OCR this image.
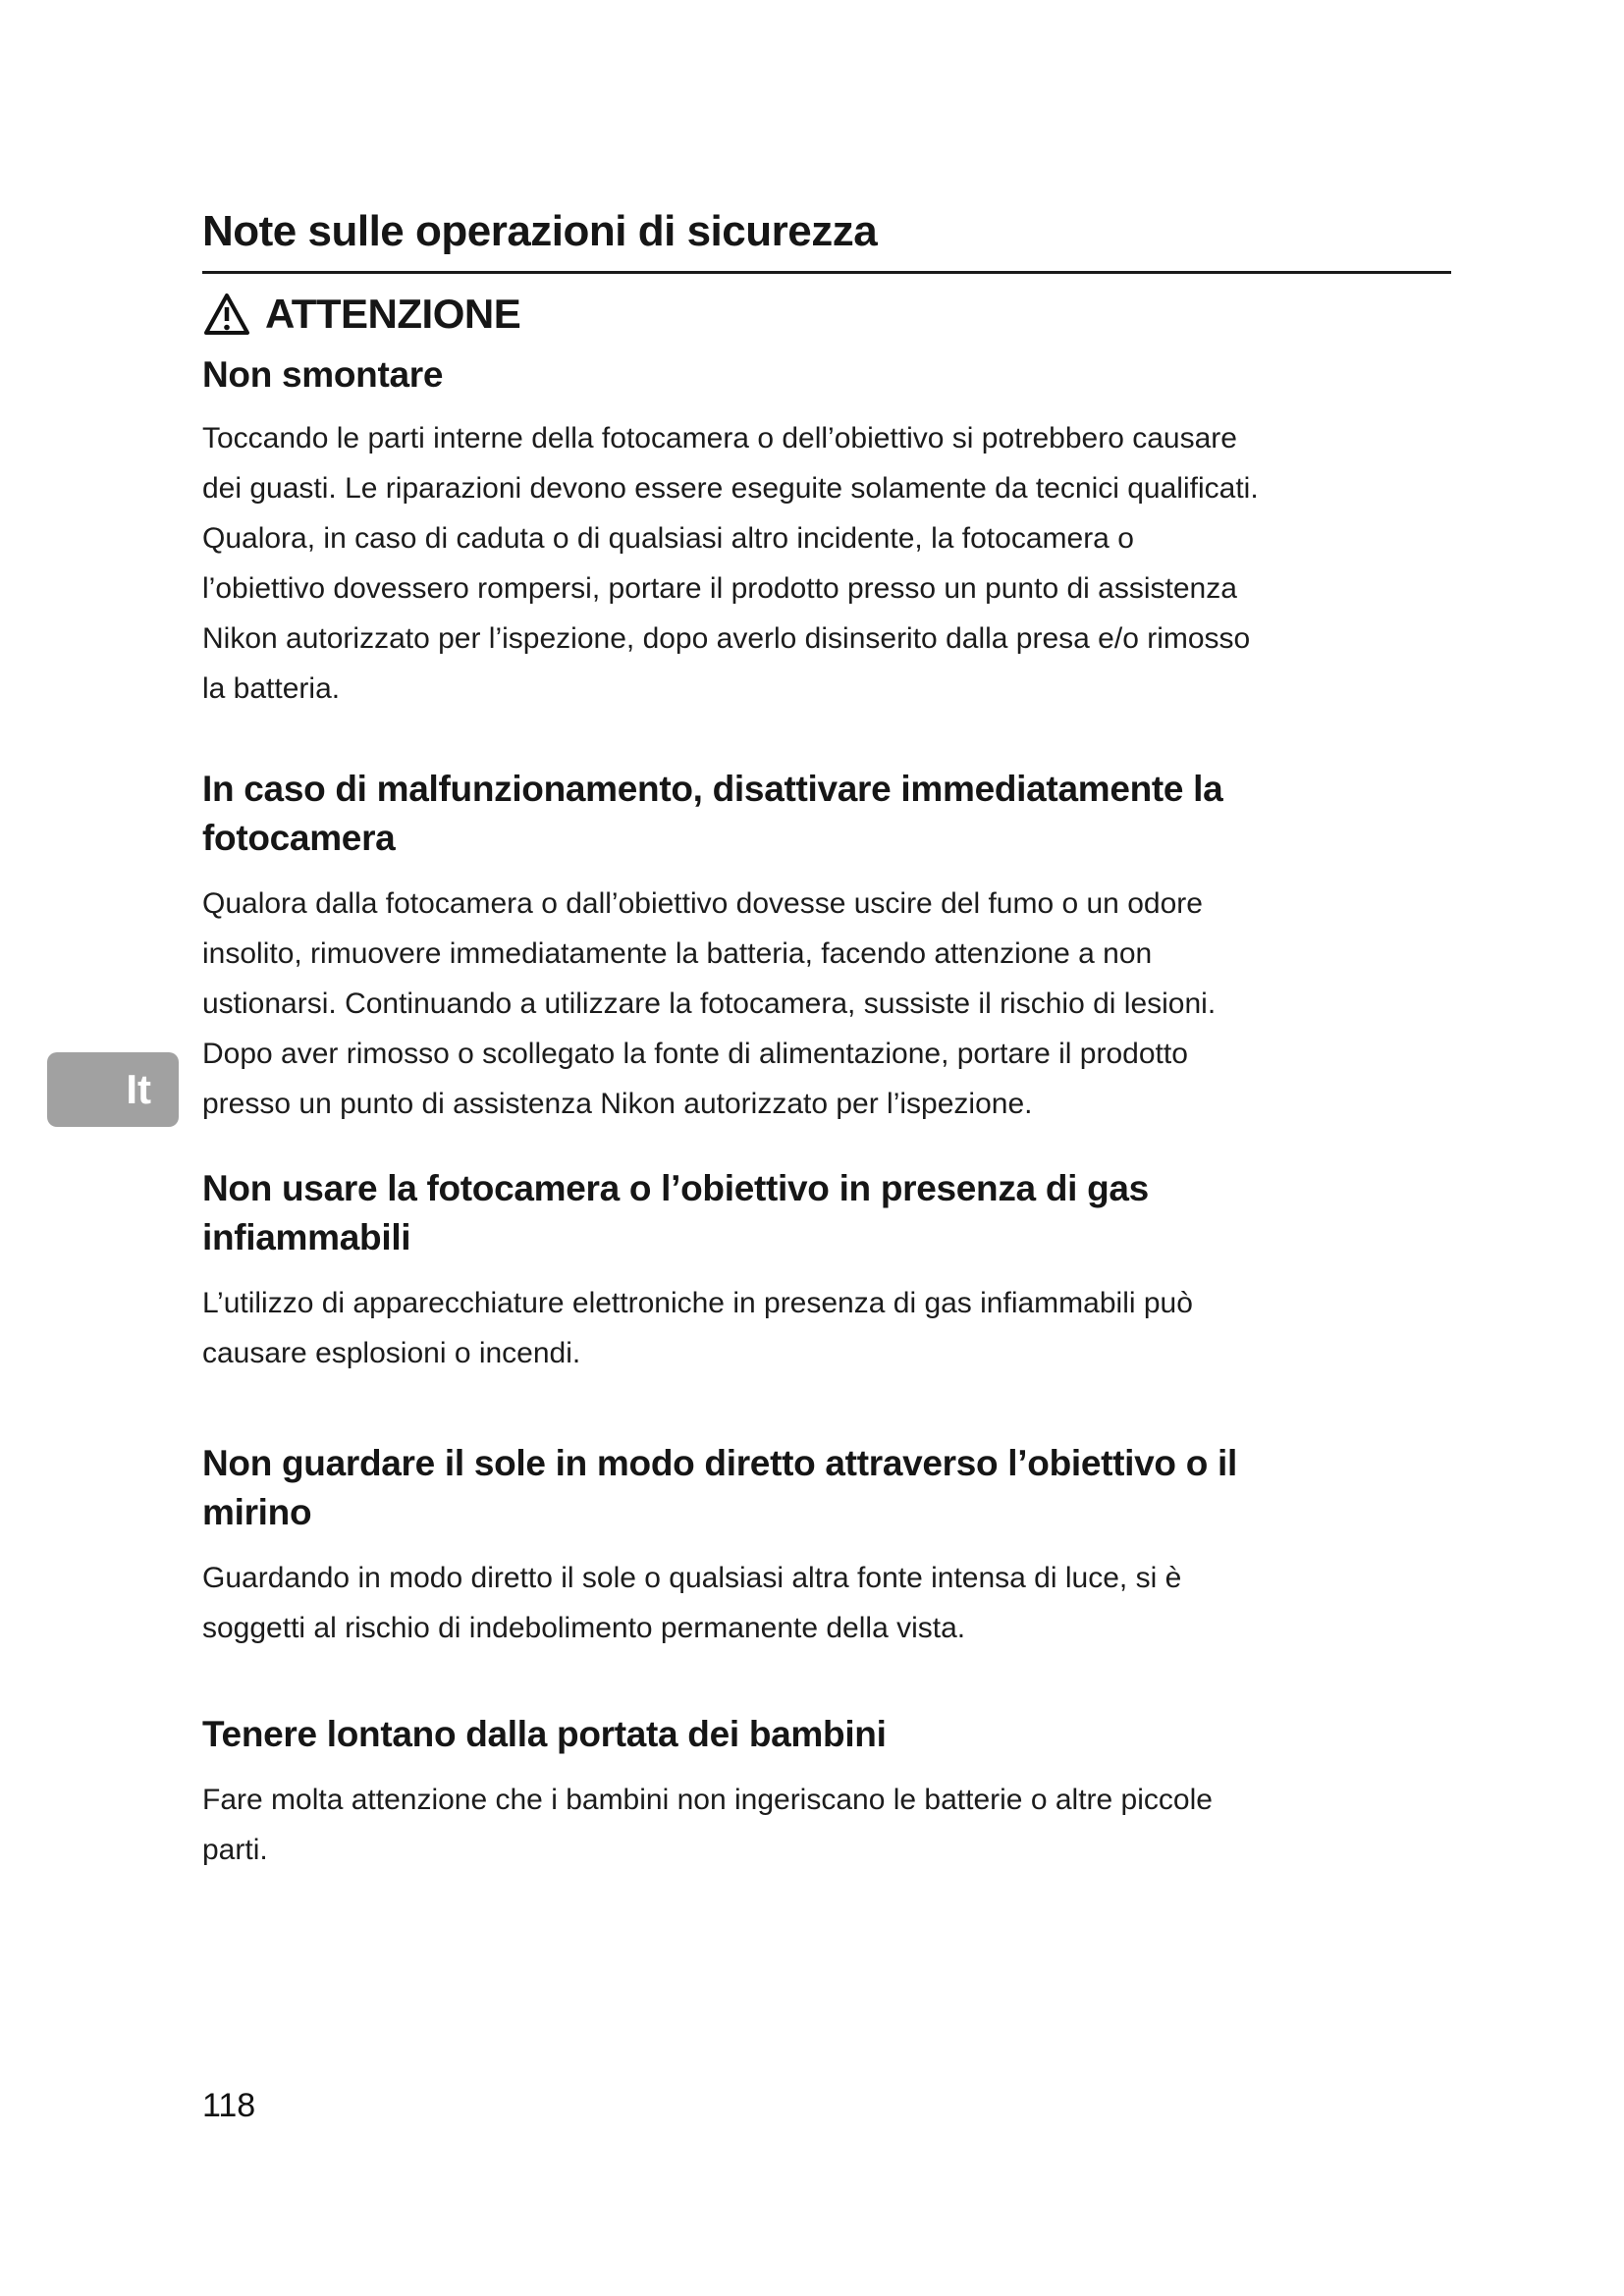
Note sulle operazioni di sicurezza
ATTENZIONE
Non smontare
Toccando le parti interne della fotocamera o dell’obiettivo si potrebbero causare
dei guasti. Le riparazioni devono essere eseguite solamente da tecnici qualificati.
Qualora, in caso di caduta o di qualsiasi altro incidente, la fotocamera o
l’obiettivo dovessero rompersi, portare il prodotto presso un punto di assistenza
Nikon autorizzato per l’ispezione, dopo averlo disinserito dalla presa e/o rimosso
la batteria.
In caso di malfunzionamento, disattivare immediatamente la
fotocamera
Qualora dalla fotocamera o dall’obiettivo dovesse uscire del fumo o un odore
insolito, rimuovere immediatamente la batteria, facendo attenzione a non
ustionarsi. Continuando a utilizzare la fotocamera, sussiste il rischio di lesioni.
Dopo aver rimosso o scollegato la fonte di alimentazione, portare il prodotto
presso un punto di assistenza Nikon autorizzato per l’ispezione.
Non usare la fotocamera o l’obiettivo in presenza di gas
infiammabili
L’utilizzo di apparecchiature elettroniche in presenza di gas infiammabili può
causare esplosioni o incendi.
Non guardare il sole in modo diretto attraverso l’obiettivo o il
mirino
Guardando in modo diretto il sole o qualsiasi altra fonte intensa di luce, si è
soggetti al rischio di indebolimento permanente della vista.
Tenere lontano dalla portata dei bambini
Fare molta attenzione che i bambini non ingeriscano le batterie o altre piccole
parti.
It
118
